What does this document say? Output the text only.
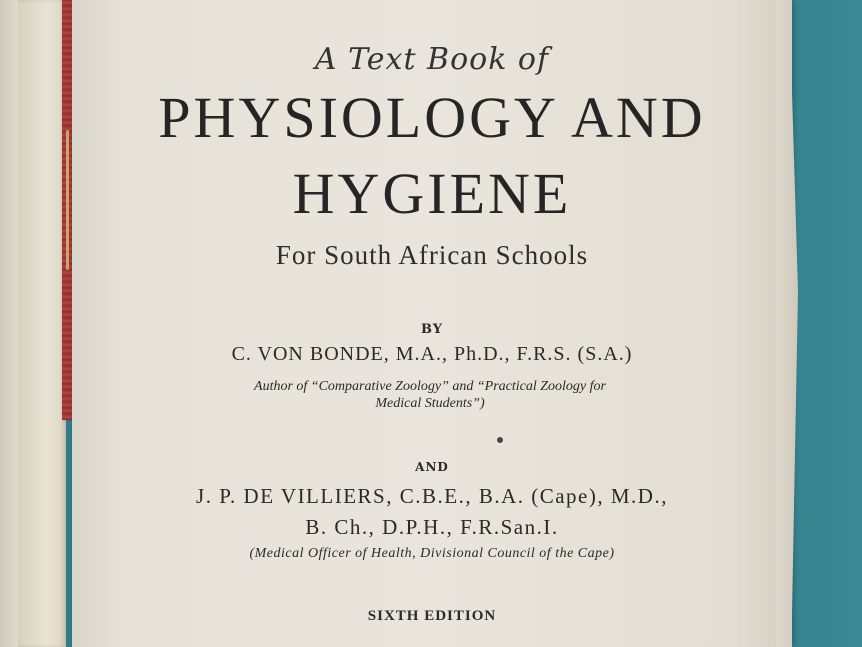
A Text Book of

PHYSIOLOGY AND

HYGIENE

For South African Schools

BY

C. VON BONDE, M.A., Ph.D., F.R.S. (S.A.)

Author of “Comparative Zoology” and “Practical Zoology for
Medical Students”)

AND

J. P. DE VILLIERS, C.B.E., B.A. (Cape), M.D.,

B. Ch., D.P.H., F.R.San.I.

(Medical Officer of Health, Divisional Council of the Cape)

SIXTH EDITION
